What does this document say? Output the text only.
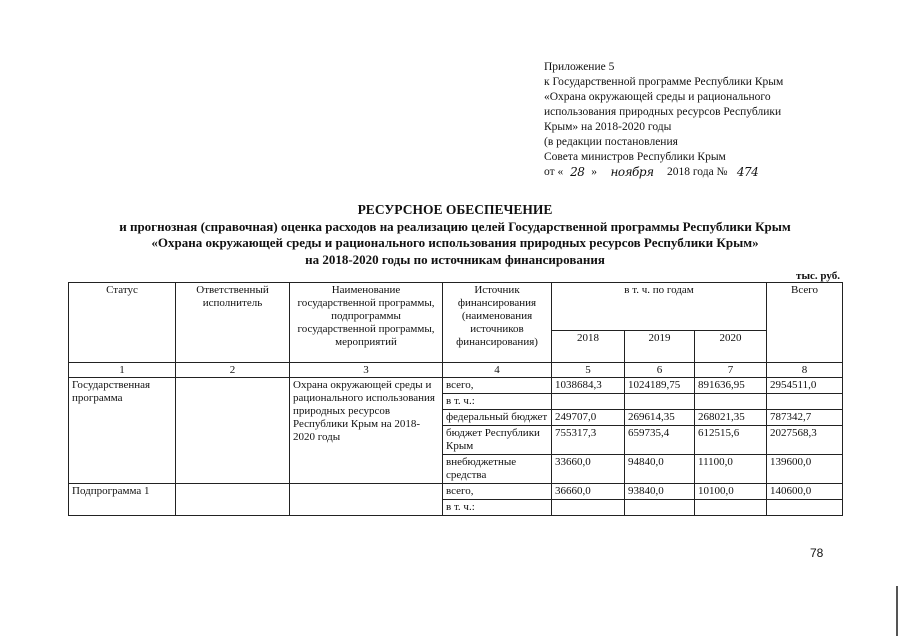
Приложение 5
к Государственной программе Республики Крым
«Охрана окружающей среды и рационального
использования природных ресурсов Республики
Крым» на 2018-2020 годы
(в редакции постановления
Совета министров Республики Крым
от « 28 »	ноября	2018 года № 474
РЕСУРСНОЕ ОБЕСПЕЧЕНИЕ
и прогнозная (справочная) оценка расходов на реализацию целей Государственной программы Республики Крым
«Охрана окружающей среды и рационального использования природных ресурсов Республики Крым»
на 2018-2020 годы по источникам финансирования
тыс. руб.
Статус	Ответственный исполнитель	Наименование государственной программы, подпрограммы государственной программы, мероприятий	Источник финансирования (наименования источников финансирования)	в т. ч. по годам			Всего
				2018	2019	2020	
1	2	3	4	5	6	7	8
Государственная программа		Охрана окружающей среды и рационального использования природных ресурсов Республики Крым на 2018-2020 годы	всего,	1038684,3	1024189,75	891636,95	2954511,0
			в т. ч.:				
			федеральный бюджет	249707,0	269614,35	268021,35	787342,7
			бюджет Республики Крым	755317,3	659735,4	612515,6	2027568,3
			внебюджетные средства	33660,0	94840,0	11100,0	139600,0
Подпрограмма 1			всего,	36660,0	93840,0	10100,0	140600,0
			в т. ч.:				
78
